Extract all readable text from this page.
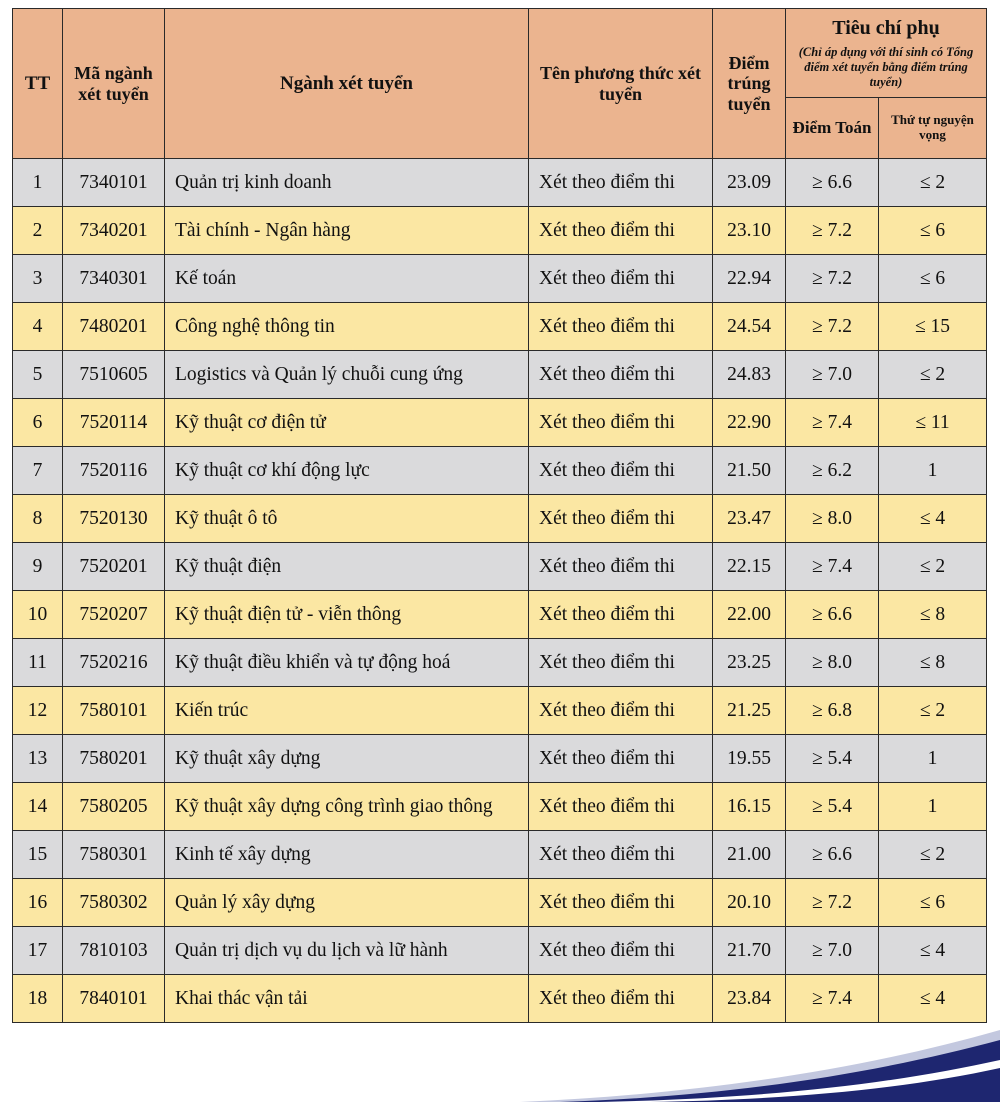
TT	Mã ngành xét tuyển	Ngành xét tuyển	Tên phương thức xét tuyển	Điểm trúng tuyển	Tiêu chí phụ
(Chỉ áp dụng với thí sinh có Tổng điểm xét tuyển bằng điểm trúng tuyển)	

					Điểm Toán	Thứ tự nguyện vọng
1	7340101	Quản trị kinh doanh	Xét theo điểm thi	23.09	≥ 6.6	≤ 2
2	7340201	Tài chính - Ngân hàng	Xét theo điểm thi	23.10	≥ 7.2	≤ 6
3	7340301	Kế toán	Xét theo điểm thi	22.94	≥ 7.2	≤ 6
4	7480201	Công nghệ thông tin	Xét theo điểm thi	24.54	≥ 7.2	≤ 15
5	7510605	Logistics và Quản lý chuỗi cung ứng	Xét theo điểm thi	24.83	≥ 7.0	≤ 2
6	7520114	Kỹ thuật cơ điện tử	Xét theo điểm thi	22.90	≥ 7.4	≤ 11
7	7520116	Kỹ thuật cơ khí động lực	Xét theo điểm thi	21.50	≥ 6.2	1
8	7520130	Kỹ thuật ô tô	Xét theo điểm thi	23.47	≥ 8.0	≤ 4
9	7520201	Kỹ thuật điện	Xét theo điểm thi	22.15	≥ 7.4	≤ 2
10	7520207	Kỹ thuật điện tử - viễn thông	Xét theo điểm thi	22.00	≥ 6.6	≤ 8
11	7520216	Kỹ thuật điều khiển và tự động hoá	Xét theo điểm thi	23.25	≥ 8.0	≤ 8
12	7580101	Kiến trúc	Xét theo điểm thi	21.25	≥ 6.8	≤ 2
13	7580201	Kỹ thuật xây dựng	Xét theo điểm thi	19.55	≥ 5.4	1
14	7580205	Kỹ thuật xây dựng công trình giao thông	Xét theo điểm thi	16.15	≥ 5.4	1
15	7580301	Kinh tế xây dựng	Xét theo điểm thi	21.00	≥ 6.6	≤ 2
16	7580302	Quản lý xây dựng	Xét theo điểm thi	20.10	≥ 7.2	≤ 6
17	7810103	Quản trị dịch vụ du lịch và lữ hành	Xét theo điểm thi	21.70	≥ 7.0	≤ 4
18	7840101	Khai thác vận tải	Xét theo điểm thi	23.84	≥ 7.4	≤ 4
